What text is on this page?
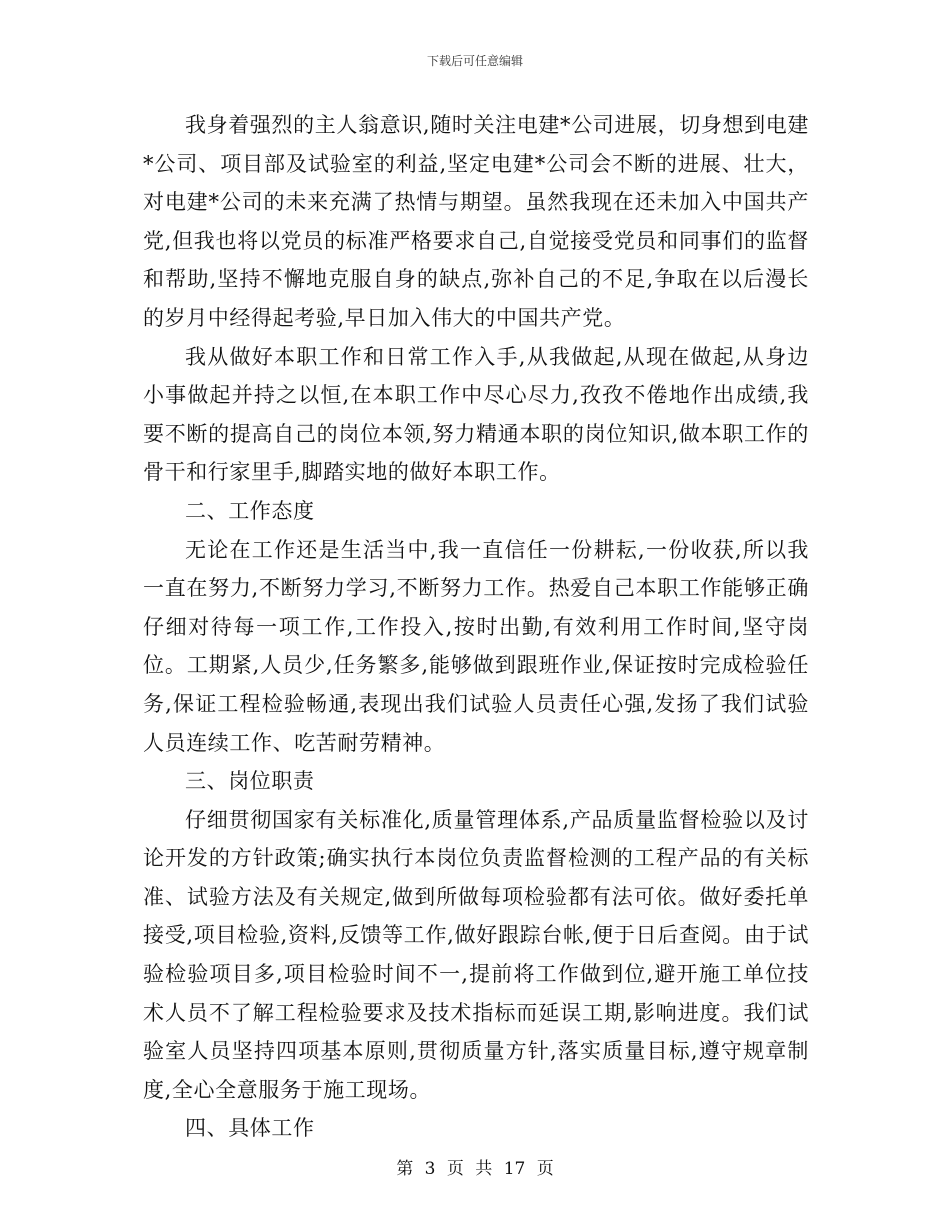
下载后可任意编辑

我身着强烈的主人翁意识,随时关注电建*公司进展，切身想到电建*公司、项目部及试验室的利益,坚定电建*公司会不断的进展、壮大，对电建*公司的未来充满了热情与期望。虽然我现在还未加入中国共产党,但我也将以党员的标准严格要求自己,自觉接受党员和同事们的监督和帮助,坚持不懈地克服自身的缺点,弥补自己的不足,争取在以后漫长的岁月中经得起考验,早日加入伟大的中国共产党。

我从做好本职工作和日常工作入手,从我做起,从现在做起,从身边小事做起并持之以恒,在本职工作中尽心尽力,孜孜不倦地作出成绩,我要不断的提高自己的岗位本领,努力精通本职的岗位知识,做本职工作的骨干和行家里手,脚踏实地的做好本职工作。

二、工作态度

无论在工作还是生活当中,我一直信任一份耕耘,一份收获,所以我一直在努力,不断努力学习,不断努力工作。热爱自己本职工作能够正确仔细对待每一项工作,工作投入,按时出勤,有效利用工作时间,坚守岗位。工期紧,人员少,任务繁多,能够做到跟班作业,保证按时完成检验任务,保证工程检验畅通,表现出我们试验人员责任心强,发扬了我们试验人员连续工作、吃苦耐劳精神。

三、岗位职责

仔细贯彻国家有关标准化,质量管理体系,产品质量监督检验以及讨论开发的方针政策;确实执行本岗位负责监督检测的工程产品的有关标准、试验方法及有关规定,做到所做每项检验都有法可依。做好委托单接受,项目检验,资料,反馈等工作,做好跟踪台帐,便于日后查阅。由于试验检验项目多,项目检验时间不一,提前将工作做到位,避开施工单位技术人员不了解工程检验要求及技术指标而延误工期,影响进度。我们试验室人员坚持四项基本原则,贯彻质量方针,落实质量目标,遵守规章制度,全心全意服务于施工现场。

四、具体工作

第 3 页 共 17 页
